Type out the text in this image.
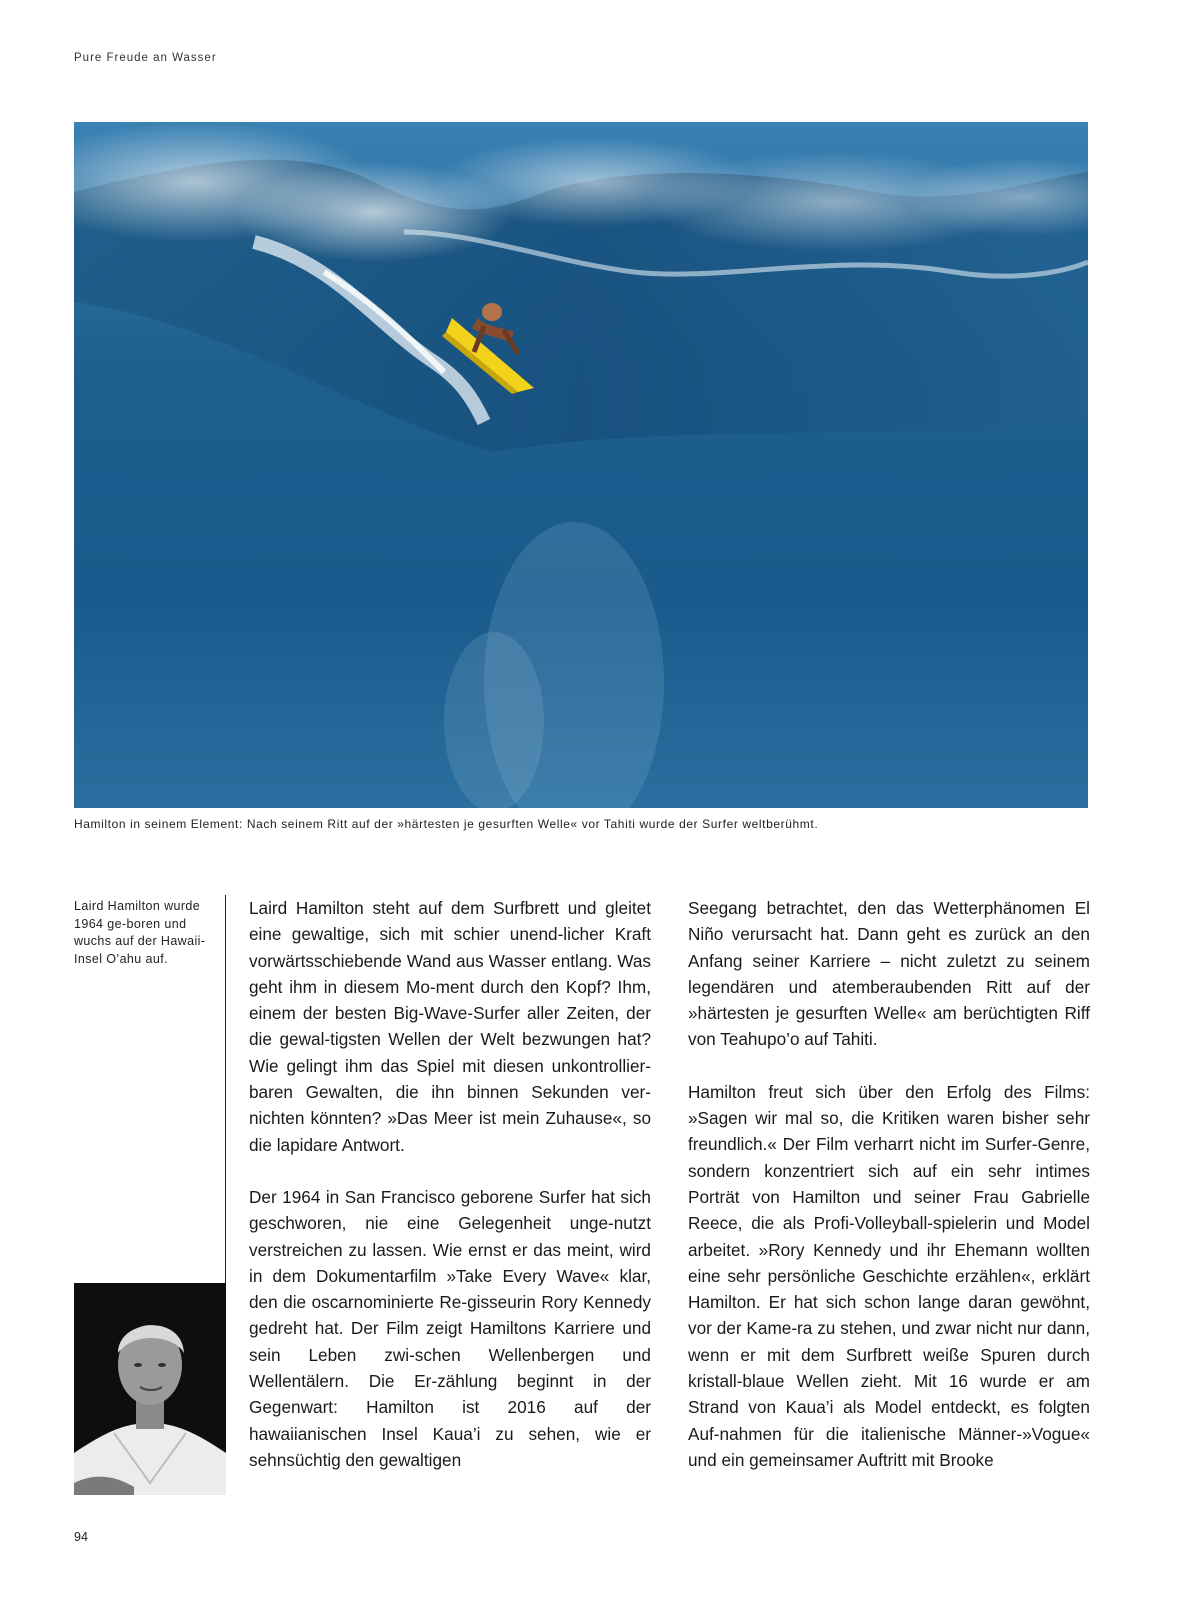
Pure Freude an Wasser
Hamilton in seinem Element: Nach seinem Ritt auf der »härtesten je gesurften Welle« vor Tahiti wurde der Surfer weltberühmt.
Laird Hamilton wurde 1964 ge-boren und wuchs auf der Hawaii-Insel O’ahu auf.

Laird Hamilton steht auf dem Surfbrett und gleitet eine gewaltige, sich mit schier unend-licher Kraft vorwärtsschiebende Wand aus Wasser entlang. Was geht ihm in diesem Mo-ment durch den Kopf? Ihm, einem der besten Big-Wave-Surfer aller Zeiten, der die gewal-tigsten Wellen der Welt bezwungen hat? Wie gelingt ihm das Spiel mit diesen unkontrollier-baren Gewalten, die ihn binnen Sekunden ver-nichten könnten? »Das Meer ist mein Zuhause«, so die lapidare Antwort.

Der 1964 in San Francisco geborene Surfer hat sich geschworen, nie eine Gelegenheit unge-nutzt verstreichen zu lassen. Wie ernst er das meint, wird in dem Dokumentarfilm »Take Every Wave« klar, den die oscarnominierte Re-gisseurin Rory Kennedy gedreht hat. Der Film zeigt Hamiltons Karriere und sein Leben zwi-schen Wellenbergen und Wellentälern. Die Er-zählung beginnt in der Gegenwart: Hamilton ist 2016 auf der hawaiianischen Insel Kaua’i zu sehen, wie er sehnsüchtig den gewaltigen

Seegang betrachtet, den das Wetterphänomen El Niño verursacht hat. Dann geht es zurück an den Anfang seiner Karriere – nicht zuletzt zu seinem legendären und atemberaubenden Ritt auf der »härtesten je gesurften Welle« am berüchtigten Riff von Teahupo’o auf Tahiti.

Hamilton freut sich über den Erfolg des Films: »Sagen wir mal so, die Kritiken waren bisher sehr freundlich.« Der Film verharrt nicht im Surfer-Genre, sondern konzentriert sich auf ein sehr intimes Porträt von Hamilton und seiner Frau Gabrielle Reece, die als Profi-Volleyball-spielerin und Model arbeitet. »Rory Kennedy und ihr Ehemann wollten eine sehr persönliche Geschichte erzählen«, erklärt Hamilton. Er hat sich schon lange daran gewöhnt, vor der Kame-ra zu stehen, und zwar nicht nur dann, wenn er mit dem Surfbrett weiße Spuren durch kristall-blaue Wellen zieht. Mit 16 wurde er am Strand von Kaua’i als Model entdeckt, es folgten Auf-nahmen für die italienische Männer-»Vogue« und ein gemeinsamer Auftritt mit Brooke

94
